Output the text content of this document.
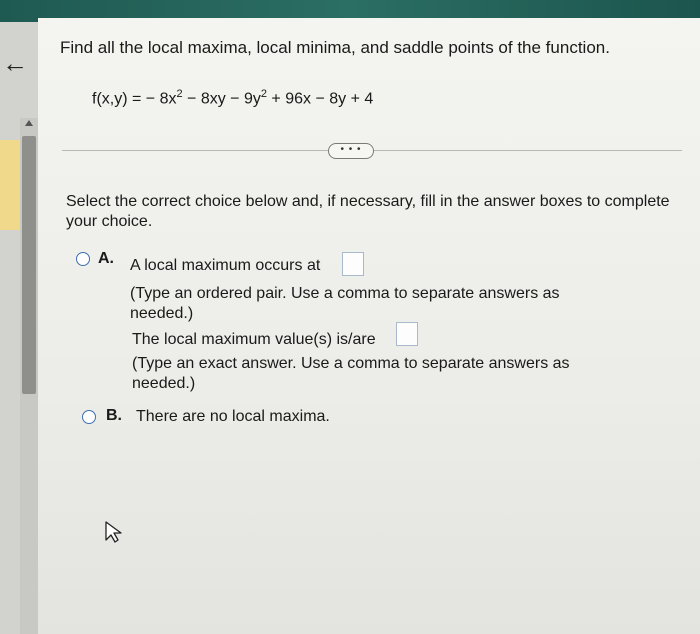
←
Find all the local maxima, local minima, and saddle points of the function.
f(x,y) = − $8x^2 - 8xy - 9y^2 + 96x - 8y + 4$
• • •
Select the correct choice below and, if necessary, fill in the answer boxes to complete your choice.
A. A local maximum occurs at
(Type an ordered pair. Use a comma to separate answers as
needed.)
The local maximum value(s) is/are
(Type an exact answer. Use a comma to separate answers as
needed.)
B. There are no local maxima.
